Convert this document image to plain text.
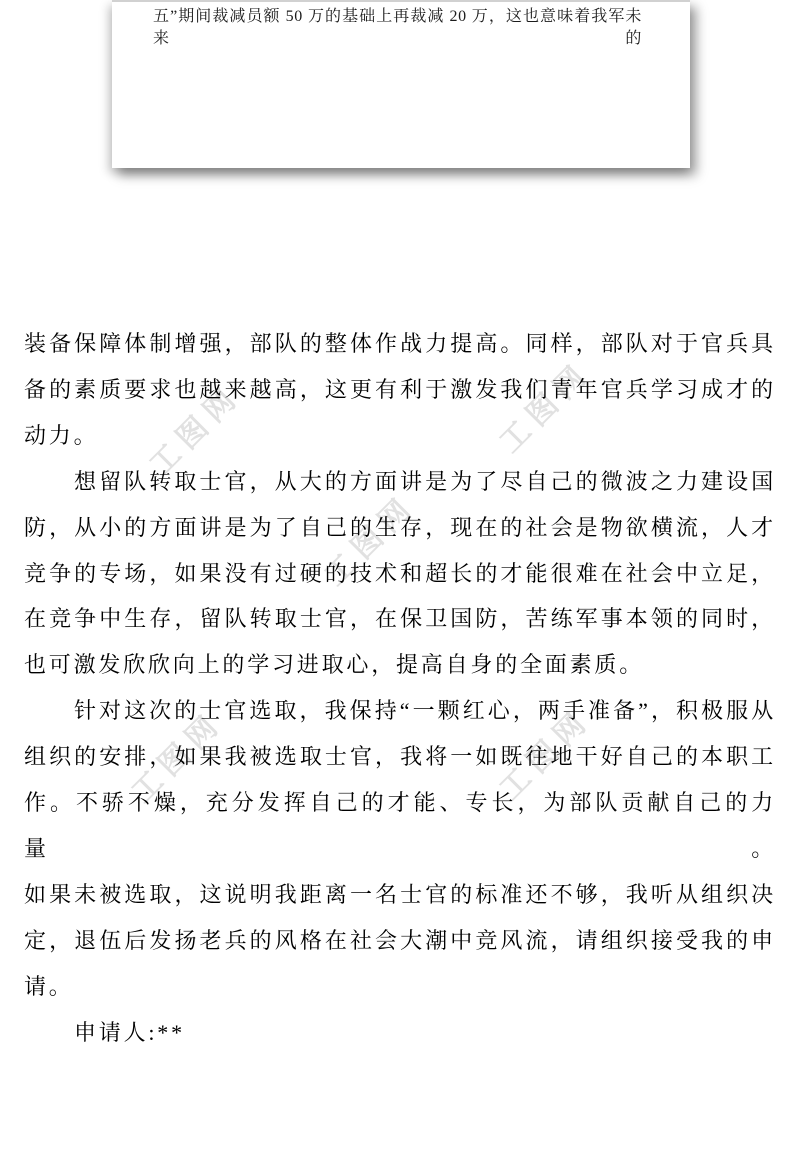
五”期间裁减员额 50 万的基础上再裁减 20 万，这也意味着我军未来的
工图网
工图网
工图网
工图网	工图网
装备保障体制增强，部队的整体作战力提高。同样，部队对于官兵具
备的素质要求也越来越高，这更有利于激发我们青年官兵学习成才的
动力。
想留队转取士官，从大的方面讲是为了尽自己的微波之力建设国
防，从小的方面讲是为了自己的生存，现在的社会是物欲横流，人才
竞争的专场，如果没有过硬的技术和超长的才能很难在社会中立足，
在竞争中生存，留队转取士官，在保卫国防，苦练军事本领的同时，
也可激发欣欣向上的学习进取心，提高自身的全面素质。
针对这次的士官选取，我保持“一颗红心，两手准备”，积极服从
组织的安排，如果我被选取士官，我将一如既往地干好自己的本职工
作。不骄不燥，充分发挥自己的才能、专长，为部队贡献自己的力量。
如果未被选取，这说明我距离一名士官的标准还不够，我听从组织决
定，退伍后发扬老兵的风格在社会大潮中竞风流，请组织接受我的申
请。
申请人:**
